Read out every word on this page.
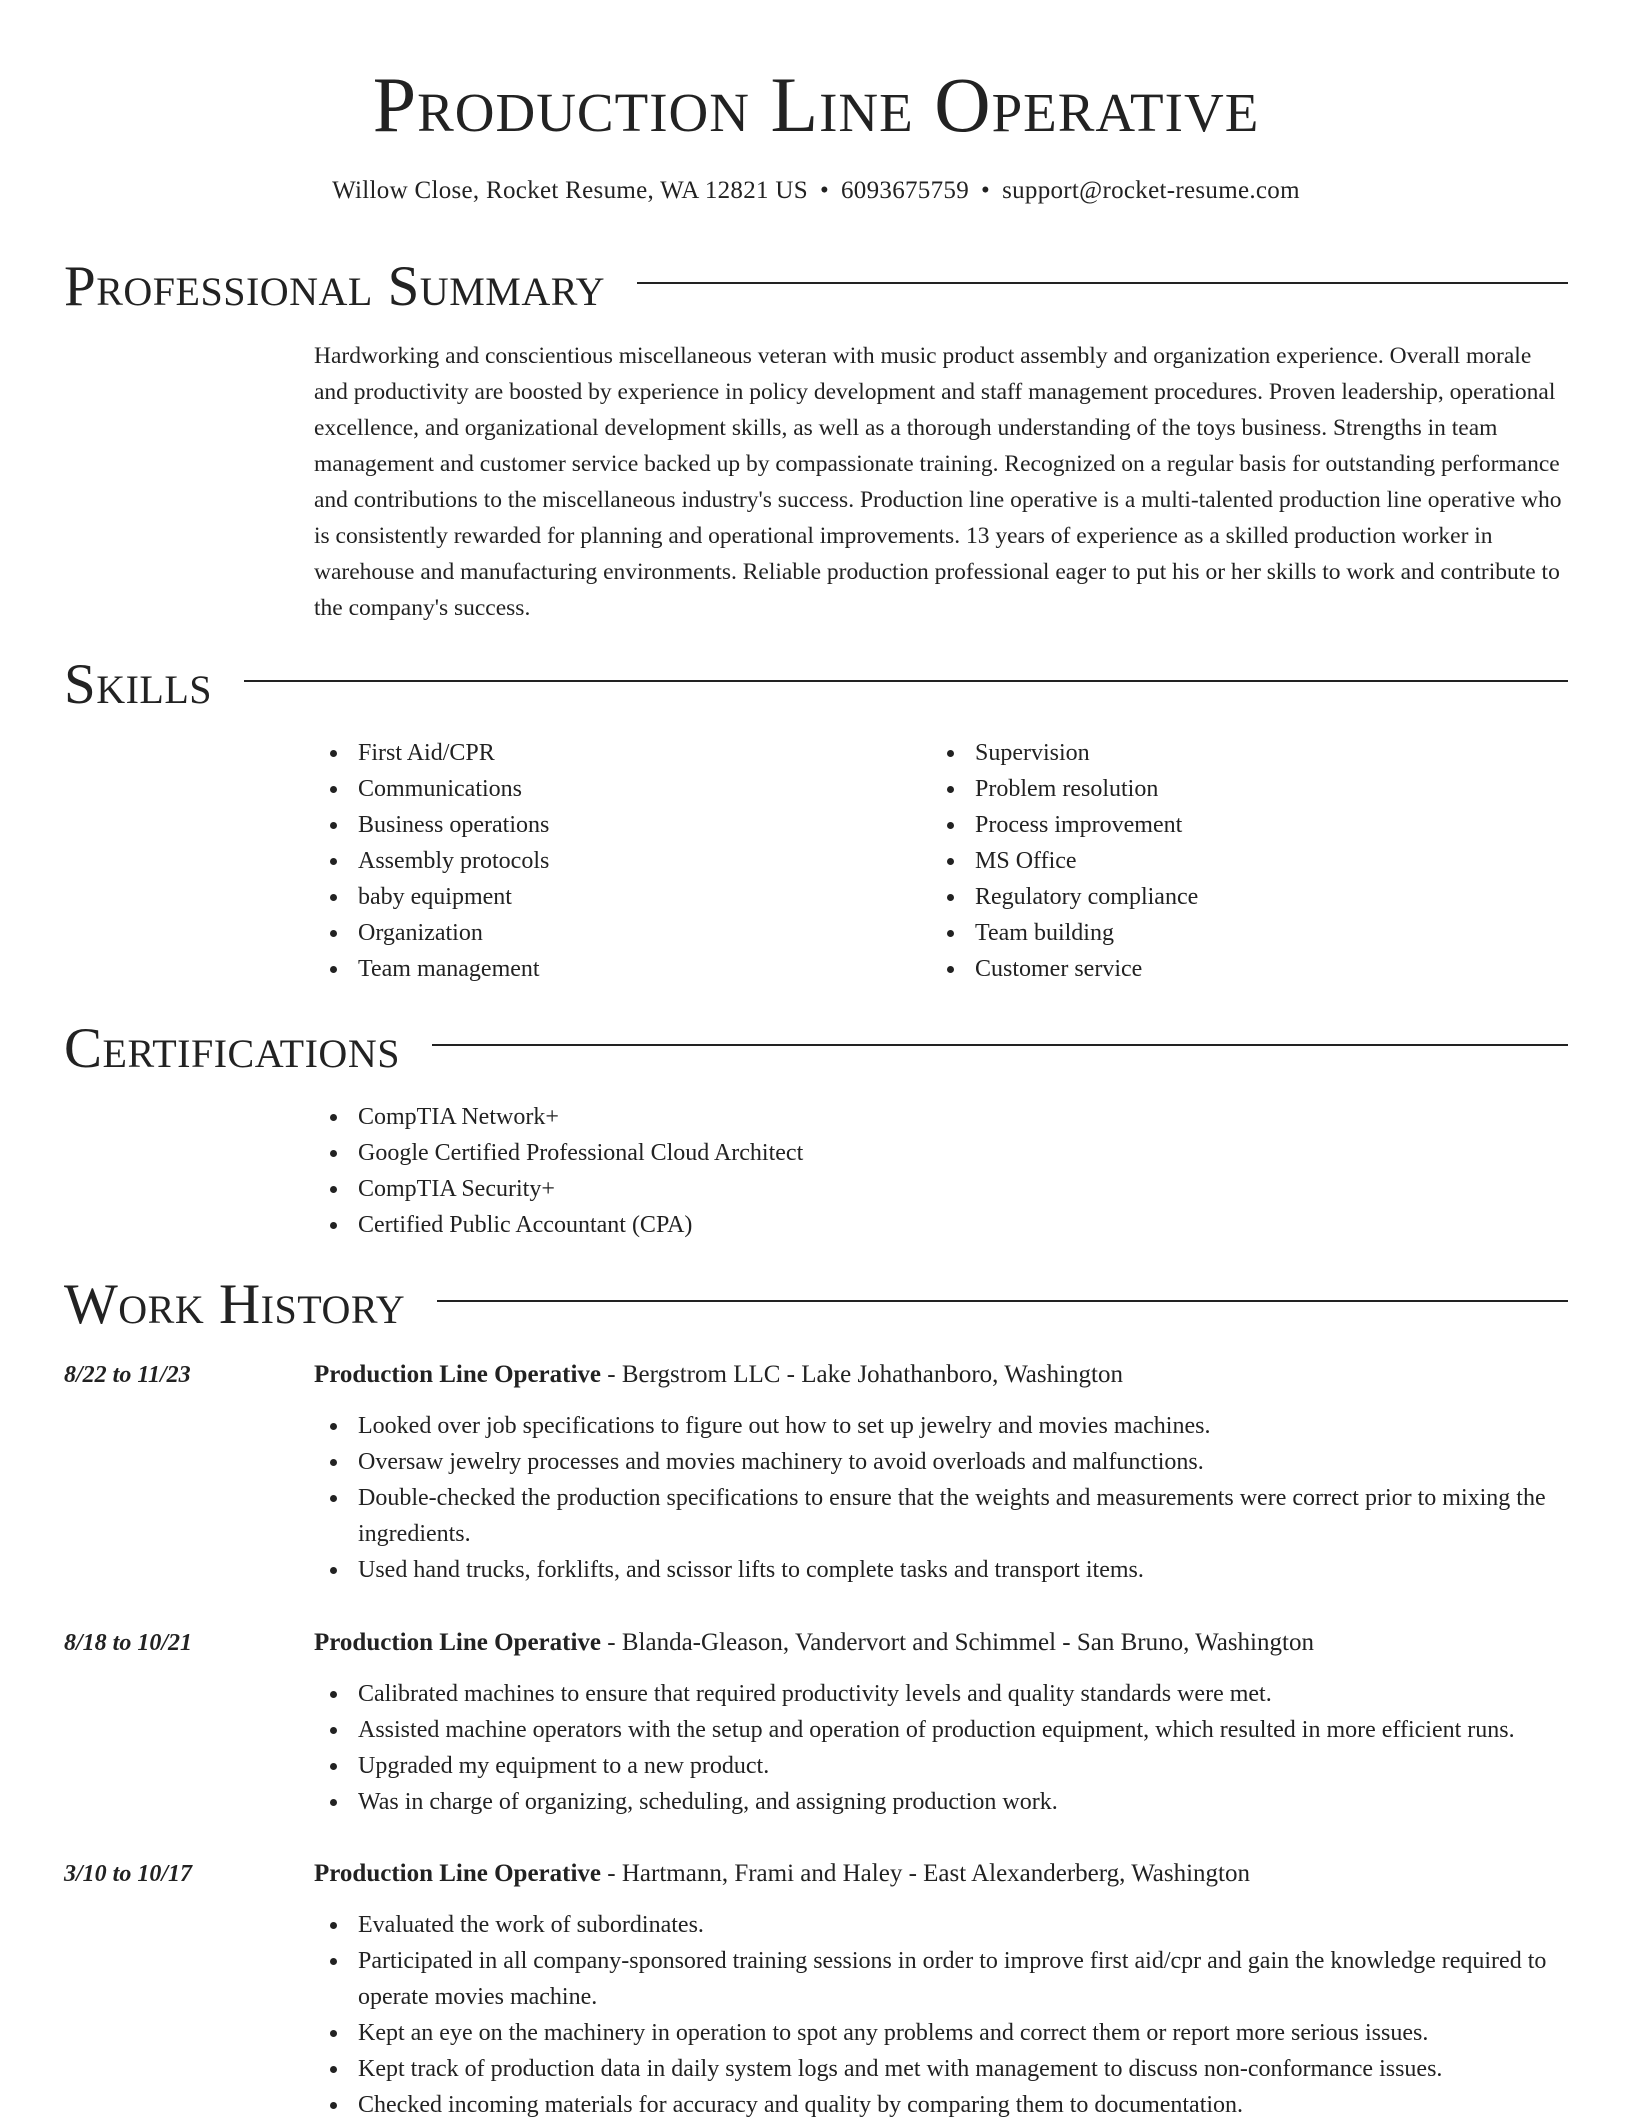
Production Line Operative
Willow Close, Rocket Resume, WA 12821 US • 6093675759 • support@rocket-resume.com
Professional Summary
Hardworking and conscientious miscellaneous veteran with music product assembly and organization experience. Overall morale and productivity are boosted by experience in policy development and staff management procedures. Proven leadership, operational excellence, and organizational development skills, as well as a thorough understanding of the toys business. Strengths in team management and customer service backed up by compassionate training. Recognized on a regular basis for outstanding performance and contributions to the miscellaneous industry's success. Production line operative is a multi-talented production line operative who is consistently rewarded for planning and operational improvements. 13 years of experience as a skilled production worker in warehouse and manufacturing environments. Reliable production professional eager to put his or her skills to work and contribute to the company's success.
Skills
First Aid/CPR
Communications
Business operations
Assembly protocols
baby equipment
Organization
Team management
Supervision
Problem resolution
Process improvement
MS Office
Regulatory compliance
Team building
Customer service
Certifications
CompTIA Network+
Google Certified Professional Cloud Architect
CompTIA Security+
Certified Public Accountant (CPA)
Work History
8/22 to 11/23	Production Line Operative - Bergstrom LLC - Lake Johathanboro, Washington
Looked over job specifications to figure out how to set up jewelry and movies machines.
Oversaw jewelry processes and movies machinery to avoid overloads and malfunctions.
Double-checked the production specifications to ensure that the weights and measurements were correct prior to mixing the ingredients.
Used hand trucks, forklifts, and scissor lifts to complete tasks and transport items.
8/18 to 10/21	Production Line Operative - Blanda-Gleason, Vandervort and Schimmel - San Bruno, Washington
Calibrated machines to ensure that required productivity levels and quality standards were met.
Assisted machine operators with the setup and operation of production equipment, which resulted in more efficient runs.
Upgraded my equipment to a new product.
Was in charge of organizing, scheduling, and assigning production work.
3/10 to 10/17	Production Line Operative - Hartmann, Frami and Haley - East Alexanderberg, Washington
Evaluated the work of subordinates.
Participated in all company-sponsored training sessions in order to improve first aid/cpr and gain the knowledge required to operate movies machine.
Kept an eye on the machinery in operation to spot any problems and correct them or report more serious issues.
Kept track of production data in daily system logs and met with management to discuss non-conformance issues.
Checked incoming materials for accuracy and quality by comparing them to documentation.
